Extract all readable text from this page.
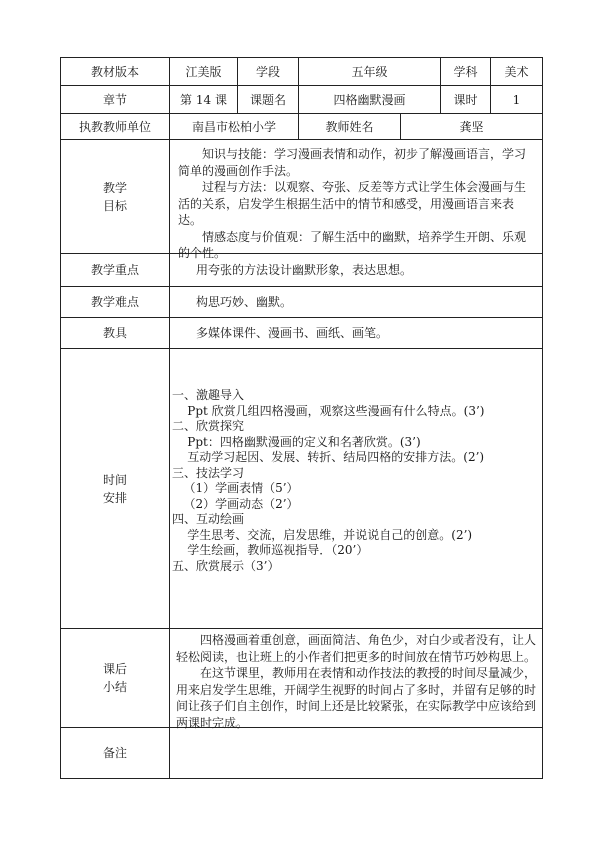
教材版本	江美版	学段	五年级	学科	美术
章节	第 14 课	课题名	四格幽默漫画	课时	1
执教教师单位	南昌市松柏小学	教师姓名	龚坚
教学
目标

知识与技能：学习漫画表情和动作，初步了解漫画语言，学习简单的漫画创作手法。

过程与方法：以观察、夸张、反差等方式让学生体会漫画与生活的关系，启发学生根据生活中的情节和感受，用漫画语言来表达。

情感态度与价值观：了解生活中的幽默，培养学生开朗、乐观的个性。

教学重点	用夸张的方法设计幽默形象，表达思想。
教学难点	构思巧妙、幽默。
教具	多媒体课件、漫画书、画纸、画笔。
时间
安排
一、激趣导入
Ppt 欣赏几组四格漫画，观察这些漫画有什么特点。(3’)
二、欣赏探究
Ppt：四格幽默漫画的定义和名著欣赏。(3’)
互动学习起因、发展、转折、结局四格的安排方法。(2’)
三、技法学习
（1）学画表情（5’）
（2）学画动态（2’）
四、互动绘画
学生思考、交流，启发思维，并说说自己的创意。(2’)
学生绘画，教师巡视指导．（20’）
五、欣赏展示（3’）
课后
小结

四格漫画着重创意，画面简洁、角色少，对白少或者没有，让人轻松阅读，也让班上的小作者们把更多的时间放在情节巧妙构思上。

在这节课里，教师用在表情和动作技法的教授的时间尽量减少，用来启发学生思维，开阔学生视野的时间占了多时，并留有足够的时间让孩子们自主创作，时间上还是比较紧张，在实际教学中应该给到两课时完成。

备注
